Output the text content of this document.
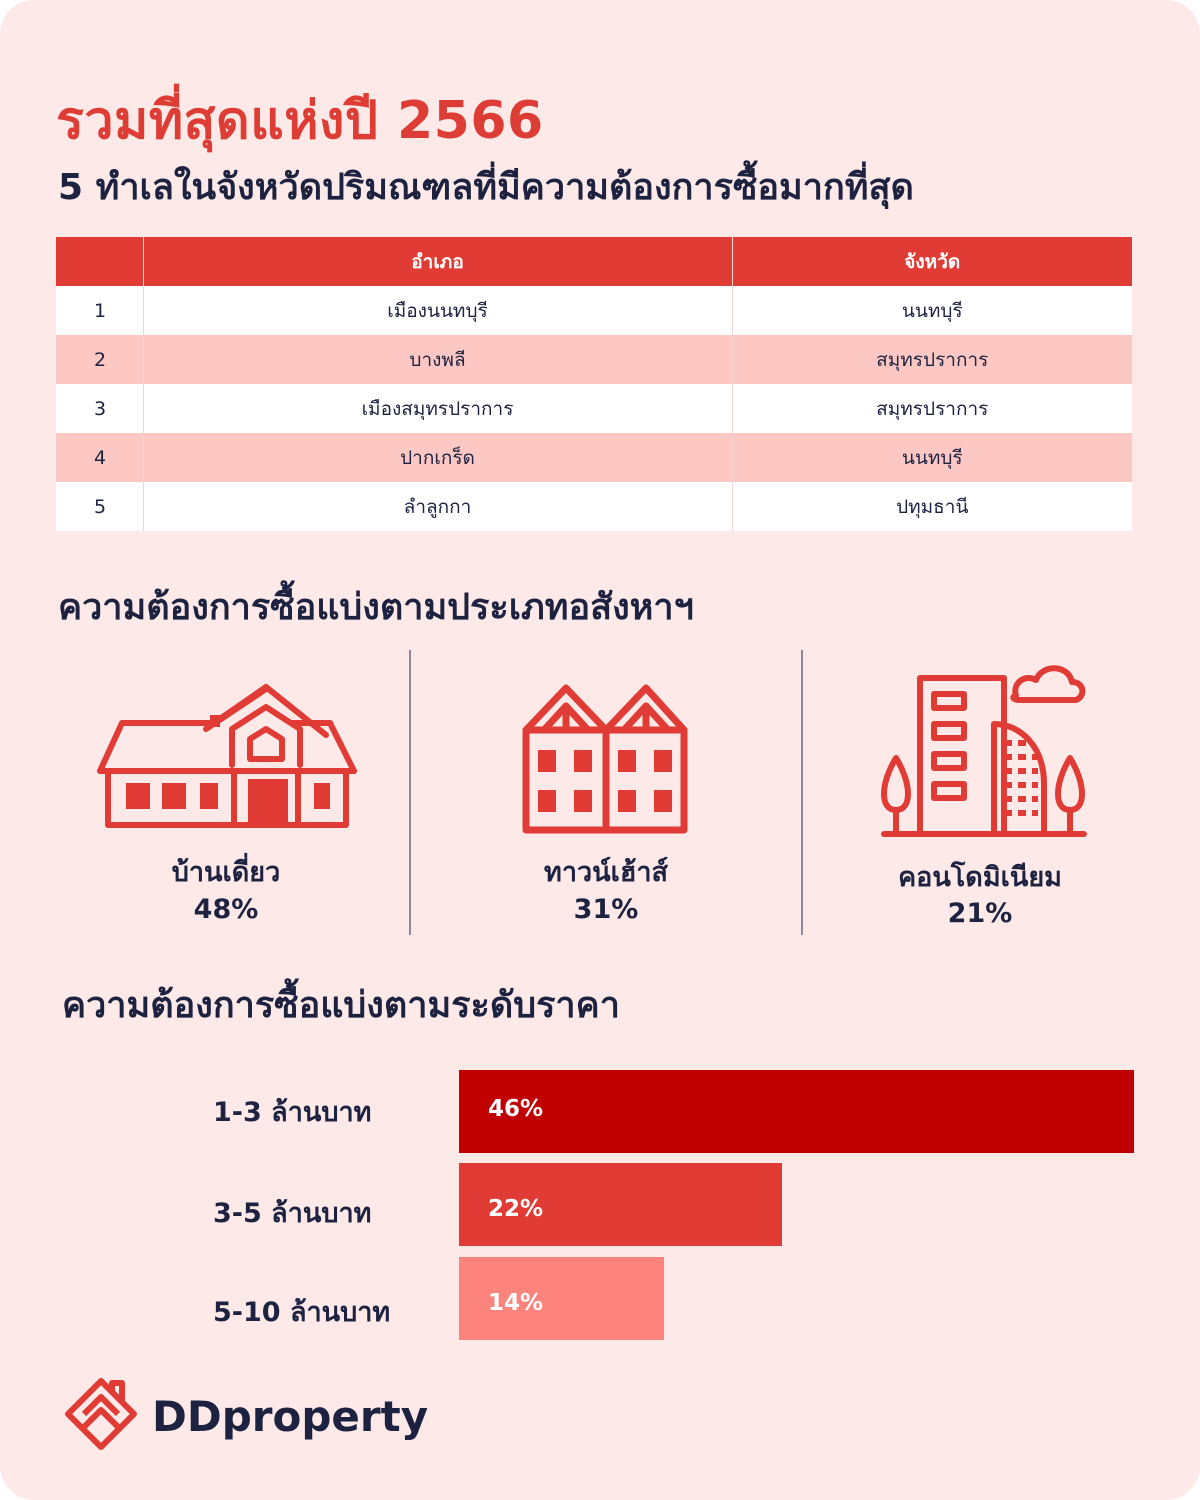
รวมที่สุดแห่งปี 2566
5 ทำเลในจังหวัดปริมณฑลที่มีความต้องการซื้อมากที่สุด
	อำเภอ	จังหวัด
1	เมืองนนทบุรี	นนทบุรี
2	บางพลี	สมุทรปราการ
3	เมืองสมุทรปราการ	สมุทรปราการ
4	ปากเกร็ด	นนทบุรี
5	ลำลูกกา	ปทุมธานี
ความต้องการซื้อแบ่งตามประเภทอสังหาฯ
บ้านเดี่ยว
48%
ทาวน์เฮ้าส์
31%
คอนโดมิเนียม
21%
ความต้องการซื้อแบ่งตามระดับราคา
1-3 ล้านบาท	46%
3-5 ล้านบาท	22%
5-10 ล้านบาท	14%
DDproperty
